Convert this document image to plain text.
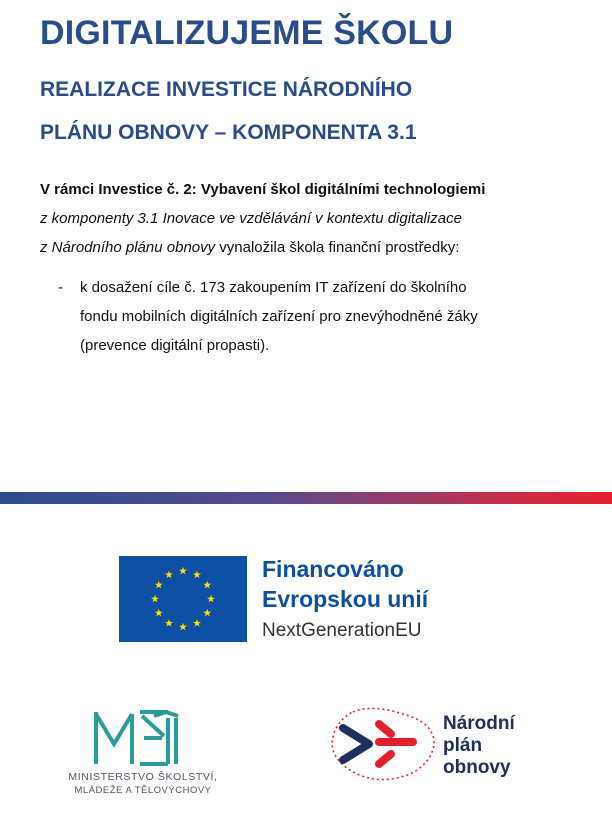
DIGITALIZUJEME ŠKOLU
REALIZACE INVESTICE NÁRODNÍHO
PLÁNU OBNOVY – KOMPONENTA 3.1
V rámci Investice č. 2: Vybavení škol digitálními technologiemi
z komponenty 3.1 Inovace ve vzdělávání v kontextu digitalizace
z Národního plánu obnovy vynaložila škola finanční prostředky:
- k dosažení cíle č. 173 zakoupením IT zařízení do školního
fondu mobilních digitálních zařízení pro znevýhodněné žáky
(prevence digitální propasti).
Financováno
Evropskou unií
NextGenerationEU
MINISTERSTVO ŠKOLSTVÍ,
MLÁDEŽE A TĚLOVÝCHOVY
Národní
plán
obnovy
